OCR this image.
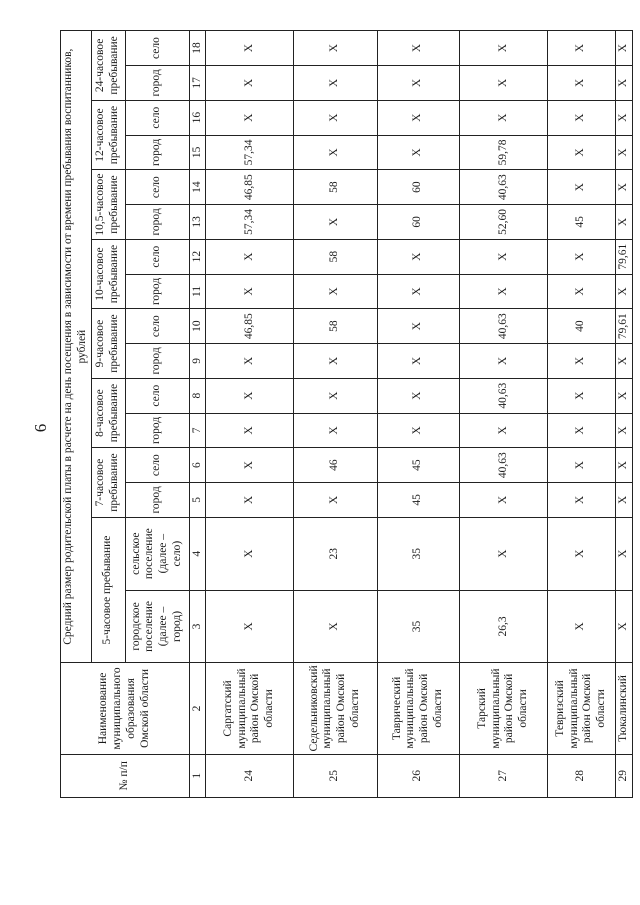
6
№ п/п	Наименование муниципального образования Омской области	Средний размер родительской платы в расчете на день посещения в зависимости от времени пребывания воспитанников, рублей															
		5-часовое пребывание		7-часовое пребывание		8-часовое пребывание		9-часовое пребывание		10-часовое пребывание		10,5-часовое пребывание		12-часовое пребывание		24-часовое пребывание	
		городское поселение (далее – город)	сельское поселение (далее – село)	город	село	город	село	город	село	город	село	город	село	город	село	город	село
1	2	3	4	5	6	7	8	9	10	11	12	13	14	15	16	17	18
24	Саргатский муниципальный район Омской области	X	X	X	X	X	X	X	46,85	X	X	57,34	46,85	57,34	X	X	X
25	Седельниковский муниципальный район Омской области	X	23	X	46	X	X	X	58	X	58	X	58	X	X	X	X
26	Таврический муниципальный район Омской области	35	35	45	45	X	X	X	X	X	X	60	60	X	X	X	X
27	Тарский муниципальный район Омской области	26,3	X	X	40,63	X	40,63	X	40,63	X	X	52,60	40,63	59,78	X	X	X
28	Тевризский муниципальный район Омской области	X	X	X	X	X	X	X	40	X	X	45	X	X	X	X	X
29	Тюкалинский	X	X	X	X	X	X	X	79,61	X	79,61	X	X	X	X	X	X
